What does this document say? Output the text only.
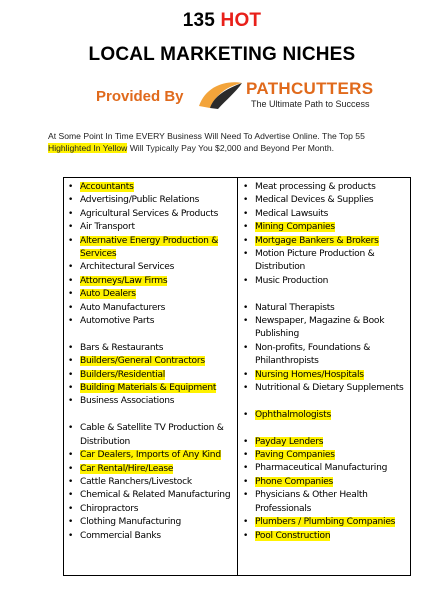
135 HOT
LOCAL MARKETING NICHES
Provided By	PATHCUTTERS
The Ultimate Path to Success
At Some Point In Time EVERY Business Will Need To Advertise Online. The Top 55 Highlighted In Yellow Will Typically Pay You $2,000 and Beyond Per Month.
• Accountants
• Advertising/Public Relations
• Agricultural Services & Products
• Air Transport
• Alternative Energy Production & Services
• Architectural Services
• Attorneys/Law Firms
• Auto Dealers
• Auto Manufacturers
• Automotive Parts
• Bars & Restaurants
• Builders/General Contractors
• Builders/Residential
• Building Materials & Equipment
• Business Associations
• Cable & Satellite TV Production & Distribution
• Car Dealers, Imports of Any Kind
• Car Rental/Hire/Lease
• Cattle Ranchers/Livestock
• Chemical & Related Manufacturing
• Chiropractors
• Clothing Manufacturing
• Commercial Banks
• Meat processing & products
• Medical Devices & Supplies
• Medical Lawsuits
• Mining Companies
• Mortgage Bankers & Brokers
• Motion Picture Production & Distribution
• Music Production
• Natural Therapists
• Newspaper, Magazine & Book Publishing
• Non-profits, Foundations & Philanthropists
• Nursing Homes/Hospitals
• Nutritional & Dietary Supplements
• Ophthalmologists
• Payday Lenders
• Paving Companies
• Pharmaceutical Manufacturing
• Phone Companies
• Physicians & Other Health Professionals
• Plumbers / Plumbing Companies
• Pool Construction
